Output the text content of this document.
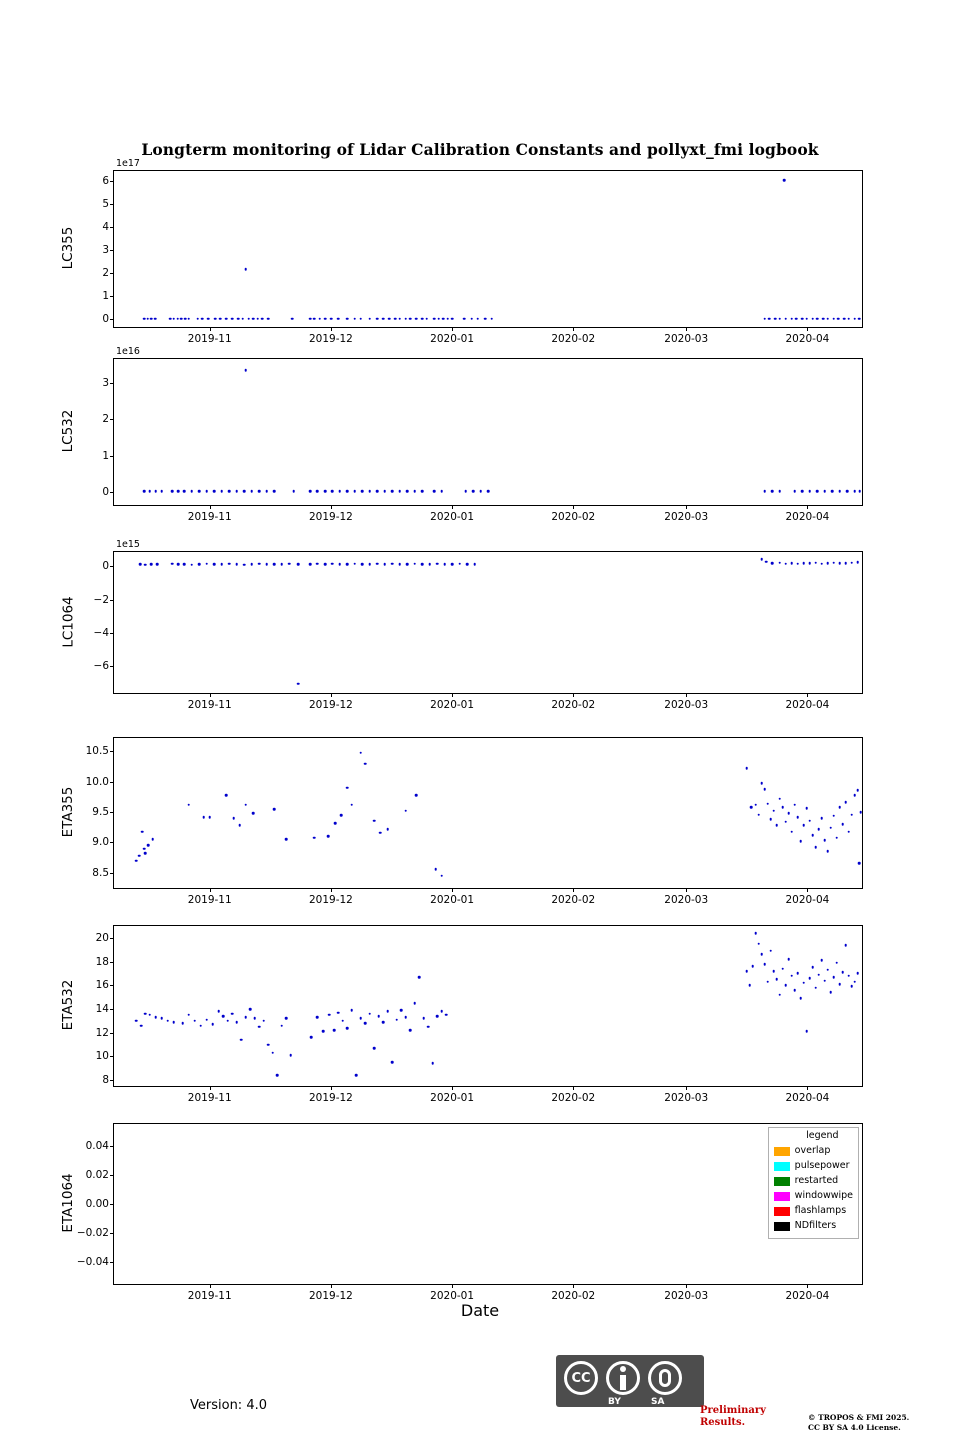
Longterm monitoring of Lidar Calibration Constants and pollyxt_fmi logbook
1e17
0
1
2
3
4
5
6
2019-11	2019-12	2020-01	2020-02	2020-03	2020-04
LC355
1e16
0
1
2
3
2019-11	2019-12	2020-01	2020-02	2020-03	2020-04
LC532
1e15
−6
−4
−2
0
2019-11	2019-12	2020-01	2020-02	2020-03	2020-04
LC1064
8.5
9.0
9.5
10.0
10.5
2019-11	2019-12	2020-01	2020-02	2020-03	2020-04
ETA355
8
10
12
14
16
18
20
2019-11	2019-12	2020-01	2020-02	2020-03	2020-04
ETA532
−0.04
−0.02
0.00
0.02
0.04
2019-11	2019-12	2020-01	2020-02	2020-03	2020-04
legend
overlap
pulsepower
restarted
windowwipe
flashlamps
NDfilters
ETA1064
Date
Version: 4.0
CC
BY	SA
Preliminary
Results.	© TROPOS & FMI 2025.
CC BY SA 4.0 License.
